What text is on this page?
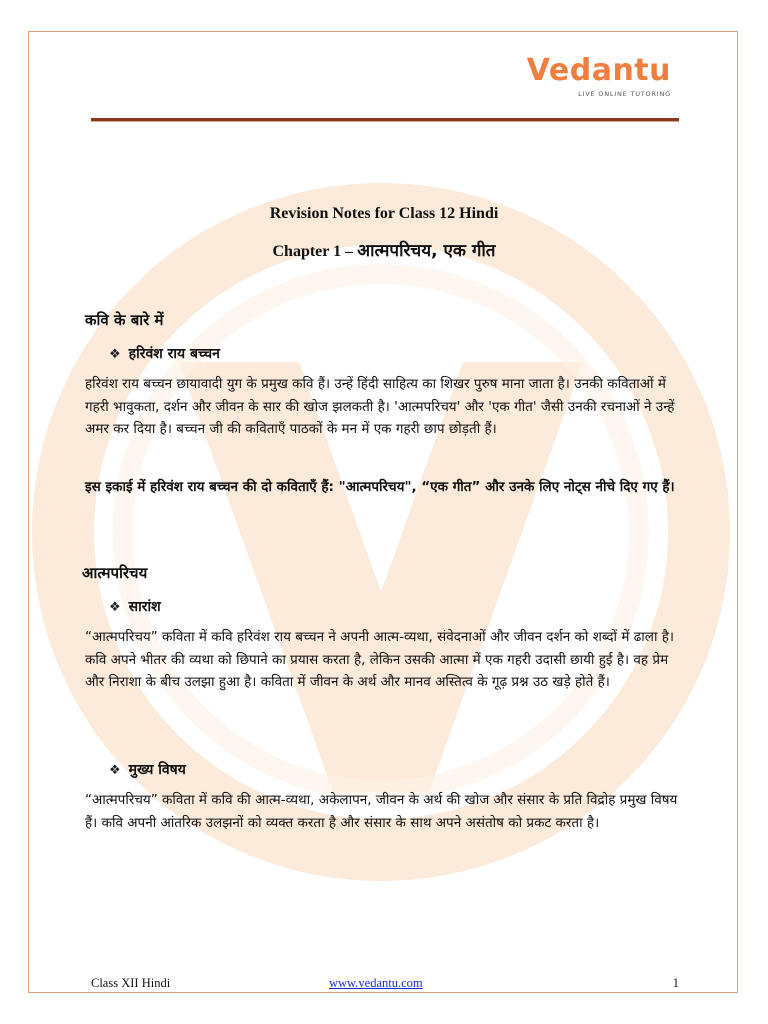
Vedantu
LIVE ONLINE TUTORING
Revision Notes for Class 12 Hindi
Chapter 1 – आत्मपरिचय, एक गीत
कवि के बारे में
❖ हरिवंश राय बच्चन

हरिवंश राय बच्चन छायावादी युग के प्रमुख कवि हैं। उन्हें हिंदी साहित्य का शिखर पुरुष माना जाता है। उनकी कविताओं में गहरी भावुकता, दर्शन और जीवन के सार की खोज झलकती है। 'आत्मपरिचय' और 'एक गीत' जैसी उनकी रचनाओं ने उन्हें अमर कर दिया है। बच्चन जी की कविताएँ पाठकों के मन में एक गहरी छाप छोड़ती हैं।

इस इकाई में हरिवंश राय बच्चन की दो कविताएँ हैं: "आत्मपरिचय", “एक गीत” और उनके लिए नोट्स नीचे दिए गए हैं।

आत्मपरिचय
❖ सारांश

“आत्मपरिचय” कविता में कवि हरिवंश राय बच्चन ने अपनी आत्म-व्यथा, संवेदनाओं और जीवन दर्शन को शब्दों में ढाला है। कवि अपने भीतर की व्यथा को छिपाने का प्रयास करता है, लेकिन उसकी आत्मा में एक गहरी उदासी छायी हुई है। वह प्रेम और निराशा के बीच उलझा हुआ है। कविता में जीवन के अर्थ और मानव अस्तित्व के गूढ़ प्रश्न उठ खड़े होते हैं।

❖ मुख्य विषय

“आत्मपरिचय” कविता में कवि की आत्म-व्यथा, अकेलापन, जीवन के अर्थ की खोज और संसार के प्रति विद्रोह प्रमुख विषय हैं। कवि अपनी आंतरिक उलझनों को व्यक्त करता है और संसार के साथ अपने असंतोष को प्रकट करता है।

Class XII Hindi	www.vedantu.com	1
